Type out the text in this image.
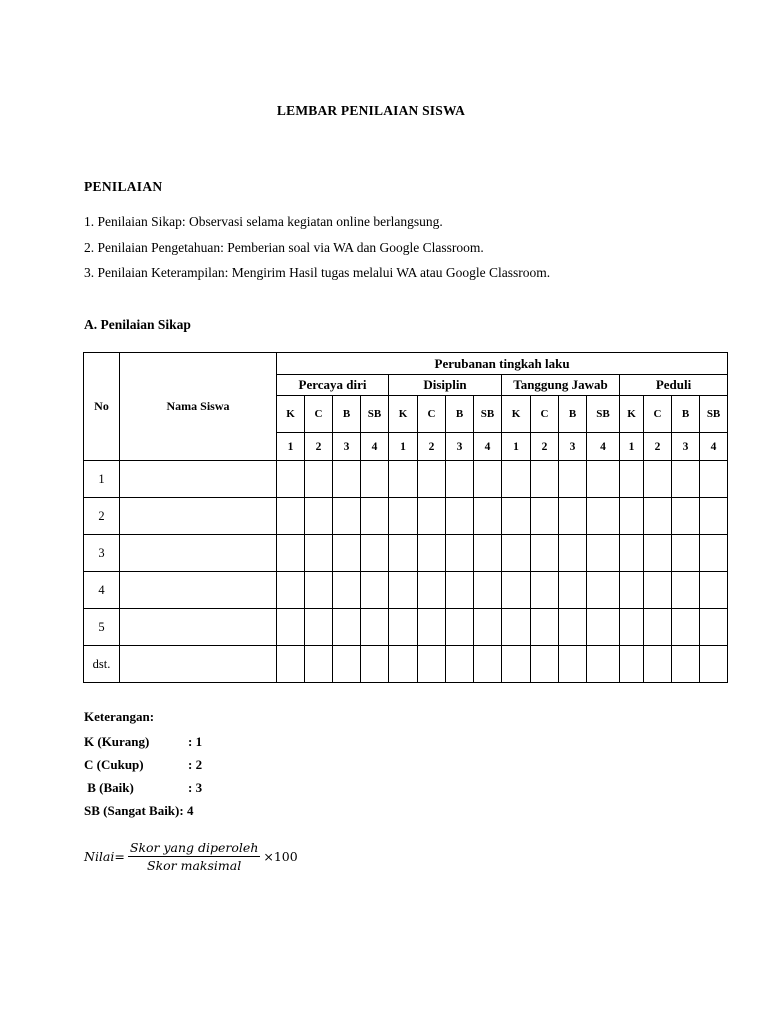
LEMBAR PENILAIAN SISWA
PENILAIAN
1. Penilaian Sikap: Observasi selama kegiatan online berlangsung.
2. Penilaian Pengetahuan: Pemberian soal via WA dan Google Classroom.
3. Penilaian Keterampilan: Mengirim Hasil tugas melalui WA atau Google Classroom.
A. Penilaian Sikap
No	Nama Siswa	Perubanan tingkah laku															
		Percaya diri				Disiplin				Tanggung Jawab				Peduli			
		K	C	B	SB	K	C	B	SB	K	C	B	SB	K	C	B	SB
		1	2	3	4	1	2	3	4	1	2	3	4	1	2	3	4
1																	
2																	
3																	
4																	
5																	
dst.																	
Keterangan:
K (Kurang)	: 1
C (Cukup)	: 2
B (Baik)	: 3
SB (Sangat Baik): 4
Nilai = $\frac{\text{Skor yang diperoleh}}{\text{Skor maksimal}} \times 100$
